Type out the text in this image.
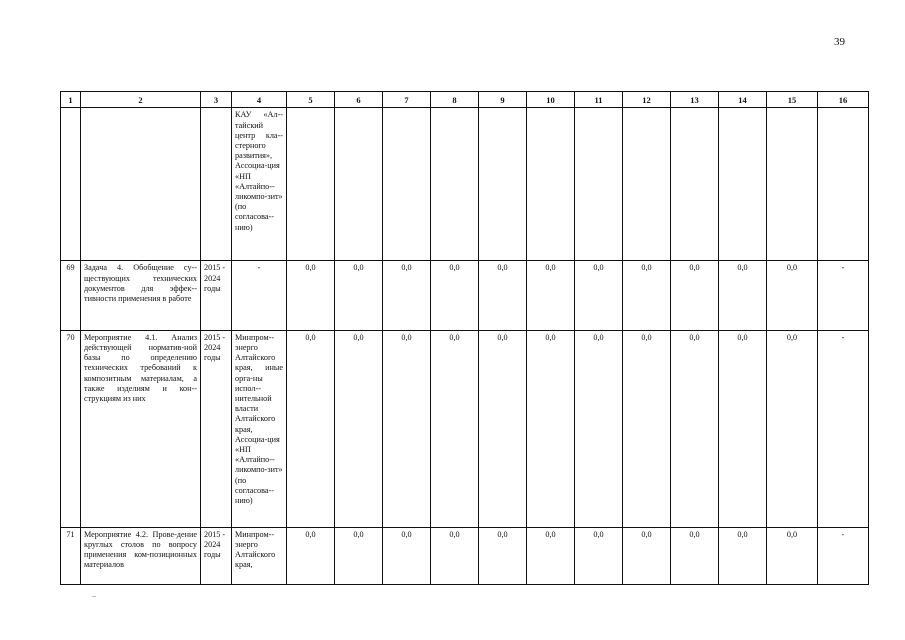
39
1	2	3	4	5	6	7	8	9	10	11	12	13	14	15	16
			КАУ «Ал-тайский центр кла-стерного развития», Ассоциа-ция «НП «Алтайпо-ликомпо-зит» (по согласова-нию)												
69	Задача 4. Обобщение су-ществующих технических документов для эффек-тивности применения в работе	2015 - 2024 годы	-	0,0	0,0	0,0	0,0	0,0	0,0	0,0	0,0	0,0	0,0	0,0	-
70	Мероприятие 4.1. Анализ действующей норматив-ной базы по определению технических требований к композитным материалам, а также изделиям и кон-струкциям из них	2015 - 2024 годы	Минпром-энерго Алтайского края, иные орга-ны испол-нительной власти Алтайского края, Ассоциа-ция «НП «Алтайпо-ликомпо-зит» (по согласова-нию)	0,0	0,0	0,0	0,0	0,0	0,0	0,0	0,0	0,0	0,0	0,0	-
71	Мероприятие 4.2. Прове-дение круглых столов по вопросу применения ком-позиционных материалов	2015 - 2024 годы	Минпром-энерго Алтайского края,	0,0	0,0	0,0	0,0	0,0	0,0	0,0	0,0	0,0	0,0	0,0	-
